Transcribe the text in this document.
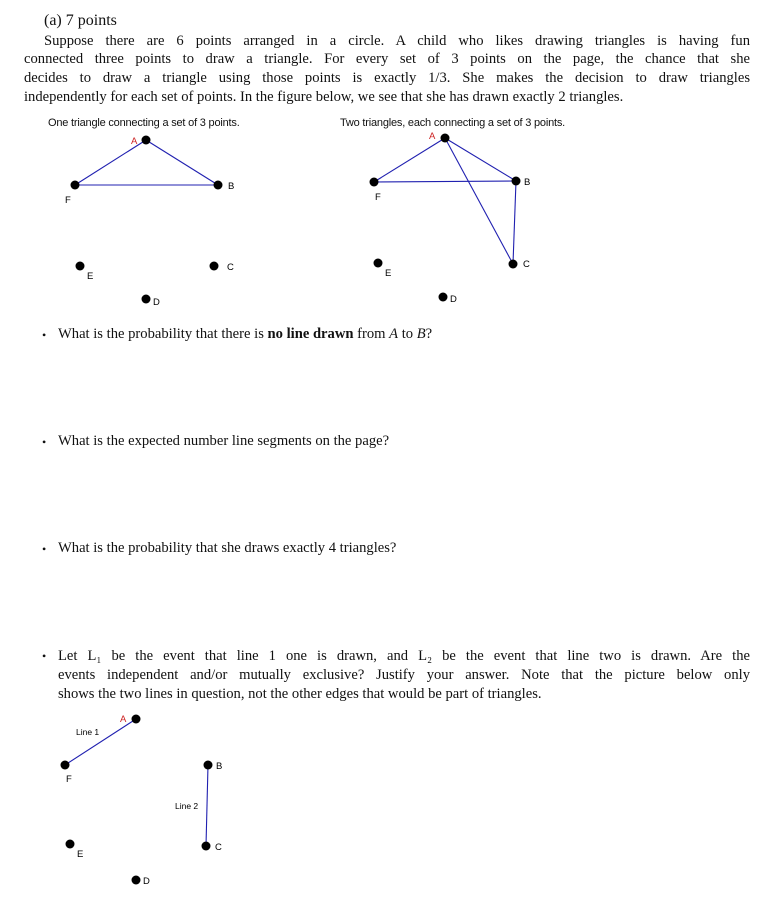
(a) 7 points
Suppose there are 6 points arranged in a circle. A child who likes drawing triangles is having fun
connected three points to draw a triangle. For every set of 3 points on the page, the chance that she
decides to draw a triangle using those points is exactly 1/3. She makes the decision to draw triangles
independently for each set of points. In the figure below, we see that she has drawn exactly 2 triangles.
One triangle connecting a set of 3 points.	Two triangles, each connecting a set of 3 points.
A
B
C
D
E
F
A
B
C
D
E
F
A
B
C
D
E
F
Line 1
Line 2
• What is the probability that there is no line drawn from A to B?
• What is the expected number line segments on the page?
• What is the probability that she draws exactly 4 triangles?
• Let L₁ be the event that line 1 one is drawn, and L₂ be the event that line two is drawn. Are the
events independent and/or mutually exclusive? Justify your answer. Note that the picture below only
shows the two lines in question, not the other edges that would be part of triangles.
